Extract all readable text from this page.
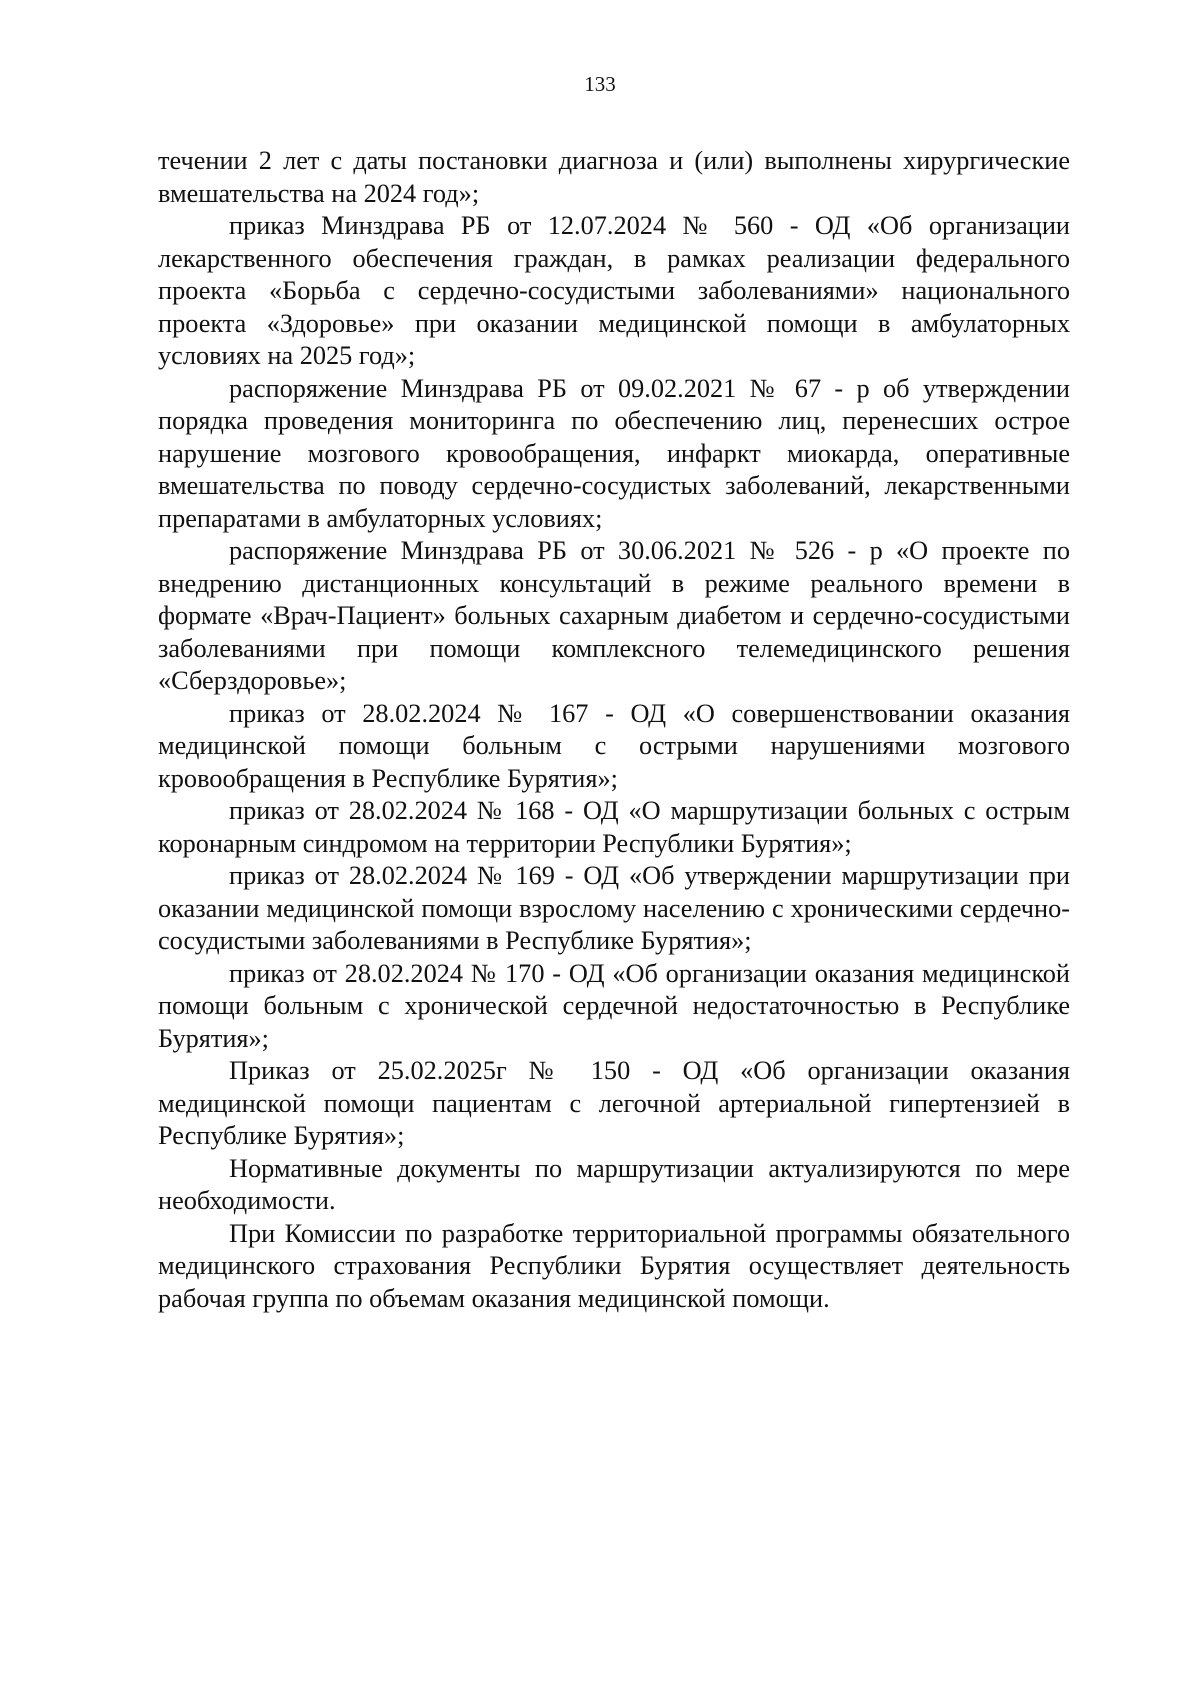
133

течении 2 лет с даты постановки диагноза и (или) выполнены хирургические вмешательства на 2024 год»;

приказ Минздрава РБ от 12.07.2024 № 560 - ОД «Об организации лекарственного обеспечения граждан, в рамках реализации федерального проекта «Борьба с сердечно-сосудистыми заболеваниями» национального проекта «Здоровье» при оказании медицинской помощи в амбулаторных условиях на 2025 год»;

распоряжение Минздрава РБ от 09.02.2021 № 67 - р об утверждении порядка проведения мониторинга по обеспечению лиц, перенесших острое нарушение мозгового кровообращения, инфаркт миокарда, оперативные вмешательства по поводу сердечно-сосудистых заболеваний, лекарственными препаратами в амбулаторных условиях;

распоряжение Минздрава РБ от 30.06.2021 № 526 - р «О проекте по внедрению дистанционных консультаций в режиме реального времени в формате «Врач-Пациент» больных сахарным диабетом и сердечно-сосудистыми заболеваниями при помощи комплексного телемедицинского решения «Сберздоровье»;

приказ от 28.02.2024 № 167 - ОД «О совершенствовании оказания медицинской помощи больным с острыми нарушениями мозгового кровообращения в Республике Бурятия»;

приказ от 28.02.2024 № 168 - ОД «О маршрутизации больных с острым коронарным синдромом на территории Республики Бурятия»;

приказ от 28.02.2024 № 169 - ОД «Об утверждении маршрутизации при оказании медицинской помощи взрослому населению с хроническими сердечно-сосудистыми заболеваниями в Республике Бурятия»;

приказ от 28.02.2024 № 170 - ОД «Об организации оказания медицинской помощи больным с хронической сердечной недостаточностью в Республике Бурятия»;

Приказ от 25.02.2025г № 150 - ОД «Об организации оказания медицинской помощи пациентам с легочной артериальной гипертензией в Республике Бурятия»;

Нормативные документы по маршрутизации актуализируются по мере необходимости.

При Комиссии по разработке территориальной программы обязательного медицинского страхования Республики Бурятия осуществляет деятельность рабочая группа по объемам оказания медицинской помощи.
